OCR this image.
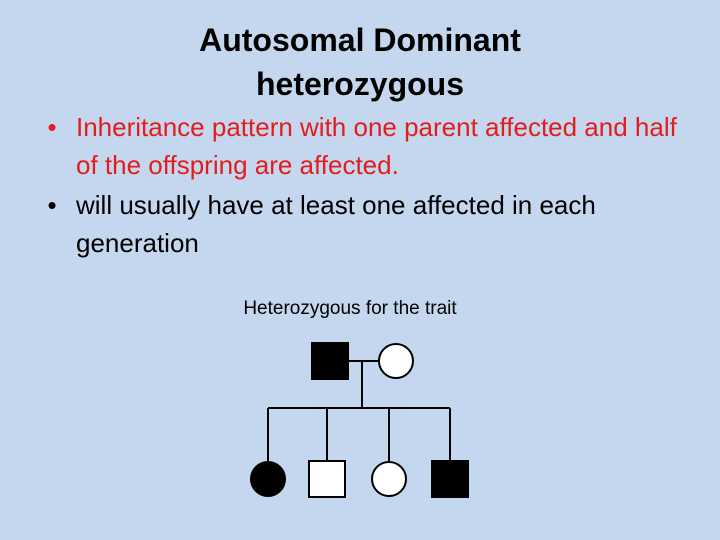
Autosomal Dominant
heterozygous
• Inheritance pattern with one parent affected and half of the offspring are affected.
• will usually have at least one affected in each generation
Heterozygous for the trait
